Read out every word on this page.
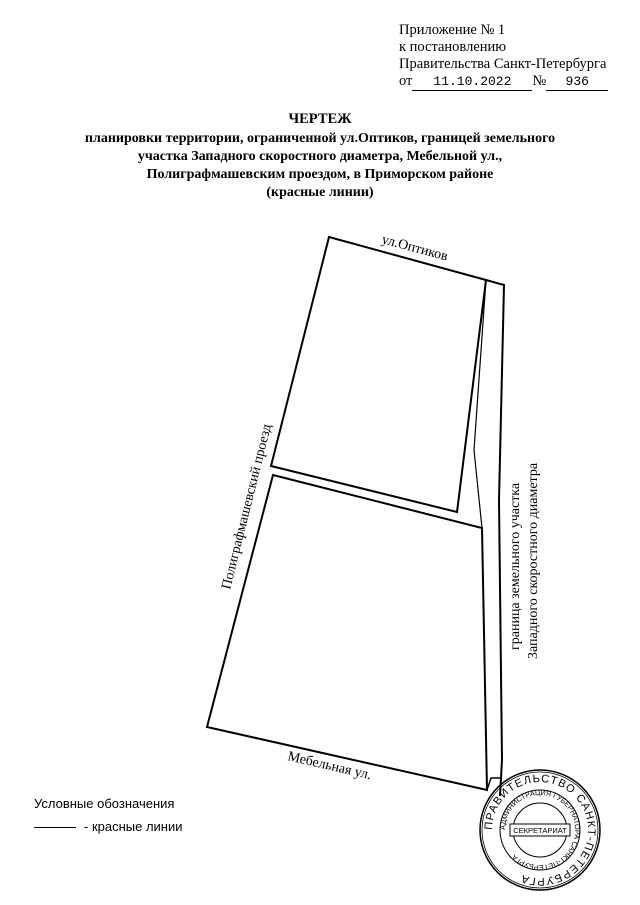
Приложение № 1
к постановлению
Правительства Санкт-Петербурга
от 11.10.2022 № 936
ЧЕРТЕЖ
планировки территории, ограниченной ул.Оптиков, границей земельного
участка Западного скоростного диаметра, Мебельной ул.,
Полиграфмашевским проездом, в Приморском районе
(красные линии)
ул.Оптиков
Полиграфмашевский проезд
Мебельная ул.
граница земельного участка Западного скоростного диаметра
ПРАВИТЕЛЬСТВО САНКТ-ПЕТЕРБУРГА
АДМИНИСТРАЦИЯ ГУБЕРНАТОРА САНКТ-ПЕТЕРБУРГА
СЕКРЕТАРИАТ
Условные обозначения
- красные линии
